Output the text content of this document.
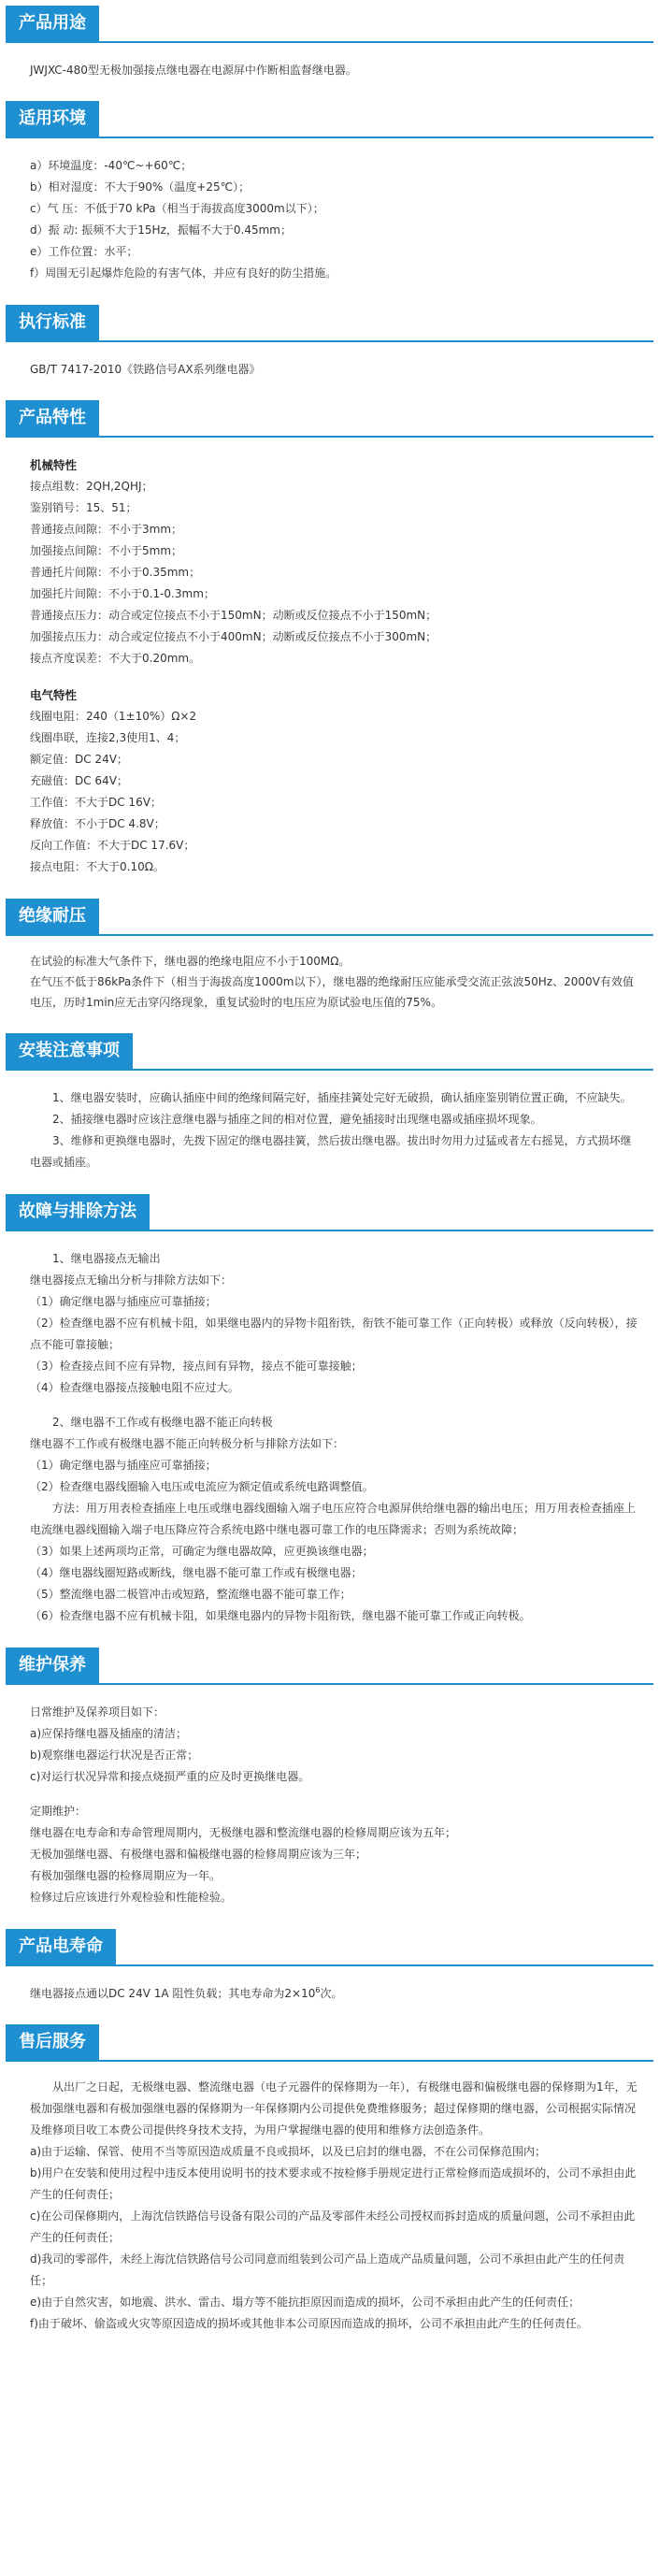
产品用途

JWJXC-480型无极加强接点继电器在电源屏中作断相监督继电器。

适用环境

a）环境温度：-40℃~+60℃；

b）相对湿度：不大于90%（温度+25℃）；

c）气 压：不低于70 kPa（相当于海拔高度3000m以下）；

d）振 动: 振频不大于15Hz，振幅不大于0.45mm；

e）工作位置：水平；

f）周围无引起爆炸危险的有害气体，并应有良好的防尘措施。

执行标准

GB/T 7417-2010《铁路信号AX系列继电器》

产品特性

机械特性

接点组数：2QH,2QHJ；

鉴别销号：15、51；

普通接点间隙：不小于3mm；

加强接点间隙：不小于5mm；

普通托片间隙：不小于0.35mm；

加强托片间隙：不小于0.1-0.3mm；

普通接点压力：动合或定位接点不小于150mN；动断或反位接点不小于150mN；

加强接点压力：动合或定位接点不小于400mN；动断或反位接点不小于300mN；

接点齐度误差：不大于0.20mm。

电气特性

线圈电阻：240（1±10%）Ω×2

线圈串联，连接2,3使用1、4；

额定值：DC 24V；

充磁值：DC 64V；

工作值：不大于DC 16V；

释放值：不小于DC 4.8V；

反向工作值：不大于DC 17.6V；

接点电阻：不大于0.10Ω。

绝缘耐压

在试验的标准大气条件下，继电器的绝缘电阻应不小于100MΩ。

在气压不低于86kPa条件下（相当于海拔高度1000m以下），继电器的绝缘耐压应能承受交流正弦波50Hz、2000V有效值电压，历时1min应无击穿闪络现象，重复试验时的电压应为原试验电压值的75%。

安装注意事项

1、继电器安装时，应确认插座中间的绝缘间隔完好，插座挂簧处完好无破损，确认插座鉴别销位置正确，不应缺失。

2、插接继电器时应该注意继电器与插座之间的相对位置，避免插接时出现继电器或插座损坏现象。

3、维修和更换继电器时，先拨下固定的继电器挂簧，然后拔出继电器。拔出时勿用力过猛或者左右摇晃，方式损坏继电器或插座。

故障与排除方法

1、继电器接点无输出

继电器接点无输出分析与排除方法如下：

（1）确定继电器与插座应可靠插接；

（2）检查继电器不应有机械卡阻，如果继电器内的异物卡阻衔铁，衔铁不能可靠工作（正向转极）或释放（反向转极），接点不能可靠接触；

（3）检查接点间不应有异物，接点间有异物，接点不能可靠接触；

（4）检查继电器接点接触电阻不应过大。

2、继电器不工作或有极继电器不能正向转极

继电器不工作或有极继电器不能正向转极分析与排除方法如下：

（1）确定继电器与插座应可靠插接；

（2）检查继电器线圈输入电压或电流应为额定值或系统电路调整值。

方法：用万用表检查插座上电压或继电器线圈输入端子电压应符合电源屏供给继电器的输出电压；用万用表检查插座上电流继电器线圈输入端子电压降应符合系统电路中继电器可靠工作的电压降需求；否则为系统故障；

（3）如果上述两项均正常，可确定为继电器故障，应更换该继电器；

（4）继电器线圈短路或断线，继电器不能可靠工作或有极继电器；

（5）整流继电器二极管冲击或短路，整流继电器不能可靠工作；

（6）检查继电器不应有机械卡阻，如果继电器内的异物卡阻衔铁，继电器不能可靠工作或正向转极。

维护保养

日常维护及保养项目如下：

a)应保持继电器及插座的清洁；

b)观察继电器运行状况是否正常；

c)对运行状况异常和接点烧损严重的应及时更换继电器。

定期维护：

继电器在电寿命和寿命管理周期内，无极继电器和整流继电器的检修周期应该为五年；

无极加强继电器、有极继电器和偏极继电器的检修周期应该为三年；

有极加强继电器的检修周期应为一年。

检修过后应该进行外观检验和性能检验。

产品电寿命

继电器接点通以DC 24V 1A 阻性负载；其电寿命为$2\times 10^6$次。

售后服务

从出厂之日起，无极继电器、整流继电器（电子元器件的保修期为一年），有极继电器和偏极继电器的保修期为1年，无极加强继电器和有极加强继电器的保修期为一年保修期内公司提供免费维修服务；超过保修期的继电器，公司根据实际情况及维修项目收工本费公司提供终身技术支持，为用户掌握继电器的使用和维修方法创造条件。

a)由于运输、保管、使用不当等原因造成质量不良或损坏，以及已启封的继电器，不在公司保修范围内；

b)用户在安装和使用过程中违反本使用说明书的技术要求或不按检修手册规定进行正常检修而造成损坏的，公司不承担由此产生的任何责任；

c)在公司保修期内，上海沈信铁路信号设备有限公司的产品及零部件未经公司授权而拆封造成的质量问题，公司不承担由此产生的任何责任；

d)我司的零部件，未经上海沈信铁路信号公司同意而组装到公司产品上造成产品质量问题，公司不承担由此产生的任何责任；

e)由于自然灾害，如地震、洪水、雷击、塌方等不能抗拒原因而造成的损坏，公司不承担由此产生的任何责任；

f)由于破坏、偷盗或火灾等原因造成的损坏或其他非本公司原因而造成的损坏，公司不承担由此产生的任何责任。
